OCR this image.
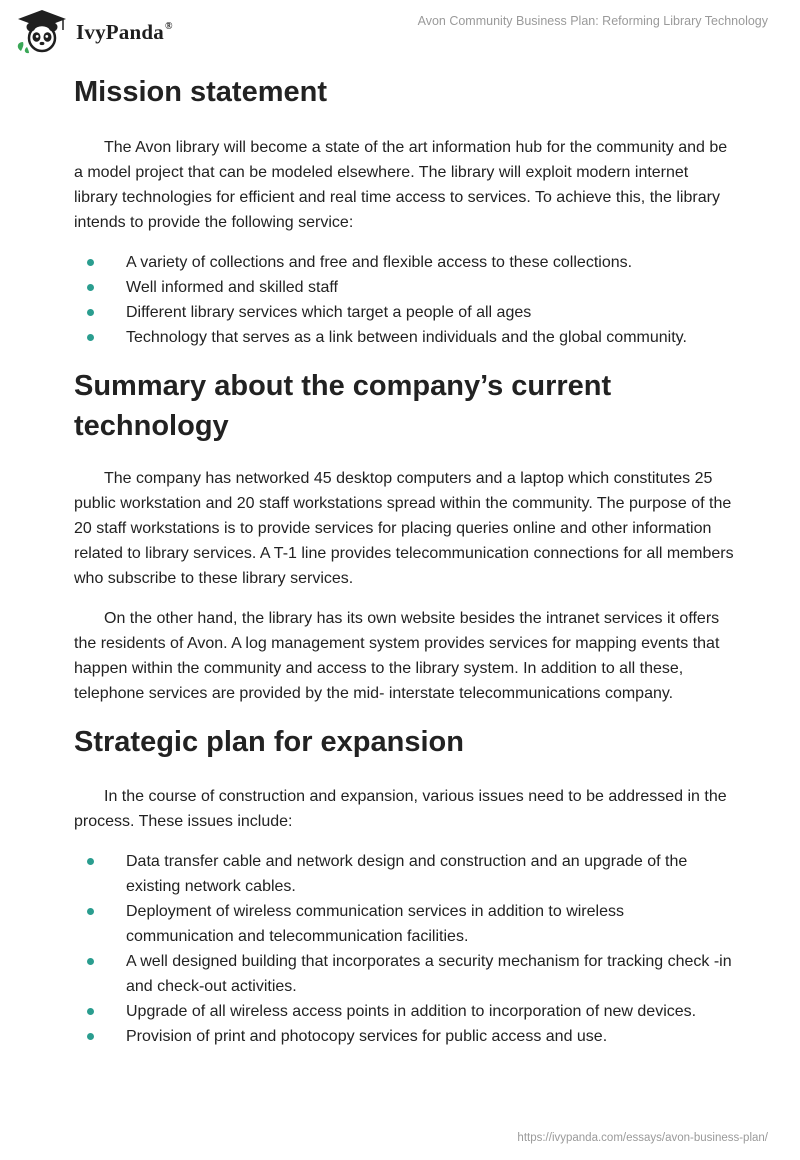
IvyPanda®	Avon Community Business Plan: Reforming Library Technology
Mission statement

The Avon library will become a state of the art information hub for the community and be a model project that can be modeled elsewhere. The library will exploit modern internet library technologies for efficient and real time access to services. To achieve this, the library intends to provide the following service:

A variety of collections and free and flexible access to these collections.
Well informed and skilled staff
Different library services which target a people of all ages
Technology that serves as a link between individuals and the global community.
Summary about the company’s current technology

The company has networked 45 desktop computers and a laptop which constitutes 25 public workstation and 20 staff workstations spread within the community. The purpose of the 20 staff workstations is to provide services for placing queries online and other information related to library services. A T-1 line provides telecommunication connections for all members who subscribe to these library services.

On the other hand, the library has its own website besides the intranet services it offers the residents of Avon. A log management system provides services for mapping events that happen within the community and access to the library system. In addition to all these, telephone services are provided by the mid- interstate telecommunications company.

Strategic plan for expansion

In the course of construction and expansion, various issues need to be addressed in the process. These issues include:

Data transfer cable and network design and construction and an upgrade of the existing network cables.
Deployment of wireless communication services in addition to wireless communication and telecommunication facilities.
A well designed building that incorporates a security mechanism for tracking check -in and check-out activities.
Upgrade of all wireless access points in addition to incorporation of new devices.
Provision of print and photocopy services for public access and use.
https://ivypanda.com/essays/avon-business-plan/
